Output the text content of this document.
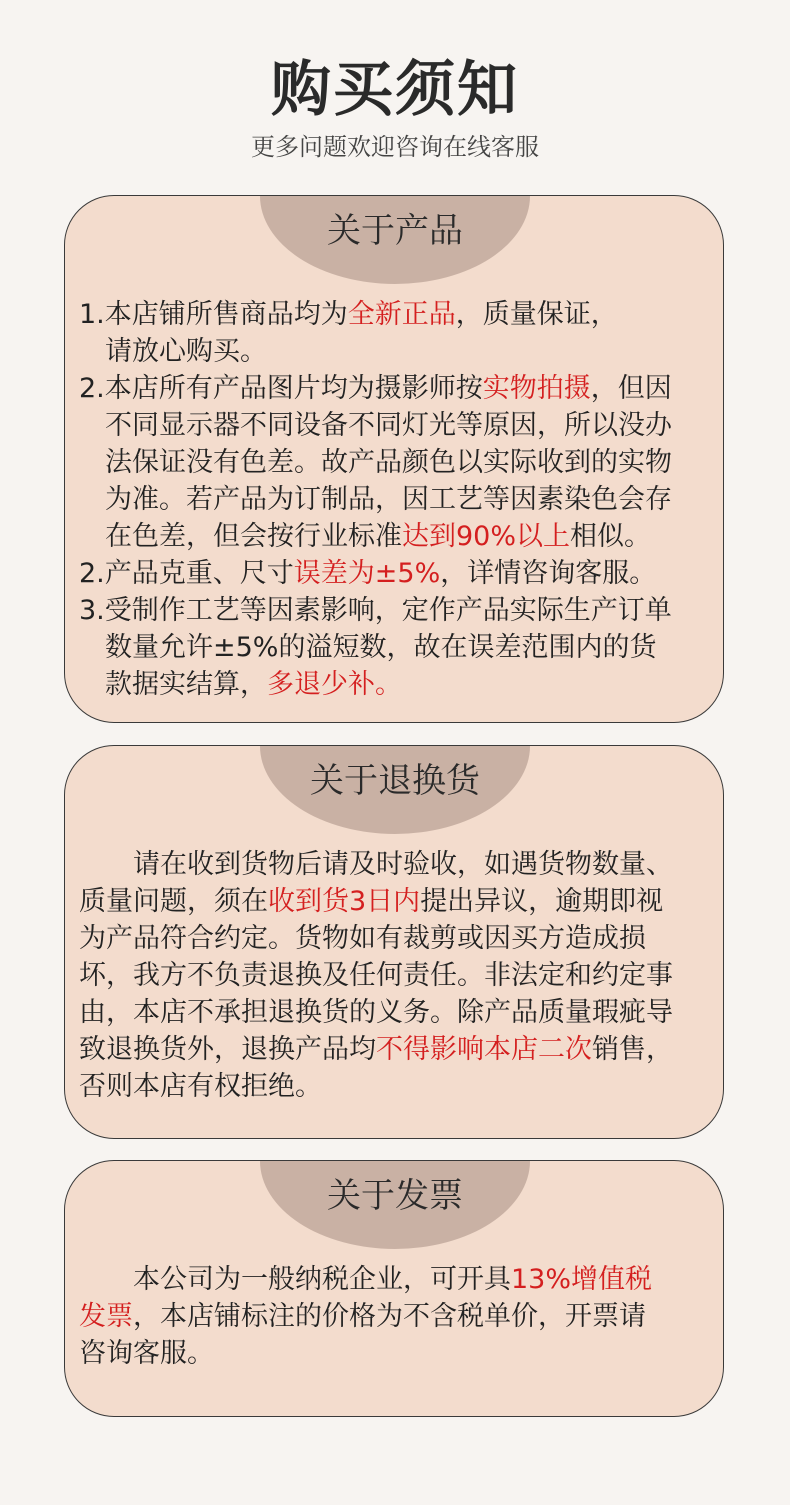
购买须知
更多问题欢迎咨询在线客服
关于产品
1.本店铺所售商品均为全新正品，质量保证，
请放心购买。
2.本店所有产品图片均为摄影师按实物拍摄，但因
不同显示器不同设备不同灯光等原因，所以没办
法保证没有色差。故产品颜色以实际收到的实物
为准。若产品为订制品，因工艺等因素染色会存
在色差，但会按行业标准达到90%以上相似。
2.产品克重、尺寸误差为±5%，详情咨询客服。
3.受制作工艺等因素影响，定作产品实际生产订单
数量允许±5%的溢短数，故在误差范围内的货
款据实结算，多退少补。
关于退换货
请在收到货物后请及时验收，如遇货物数量、
质量问题，须在收到货3日内提出异议，逾期即视
为产品符合约定。货物如有裁剪或因买方造成损
坏，我方不负责退换及任何责任。非法定和约定事
由，本店不承担退换货的义务。除产品质量瑕疵导
致退换货外，退换产品均不得影响本店二次销售，
否则本店有权拒绝。
关于发票
本公司为一般纳税企业，可开具13%增值税
发票，本店铺标注的价格为不含税单价，开票请
咨询客服。
